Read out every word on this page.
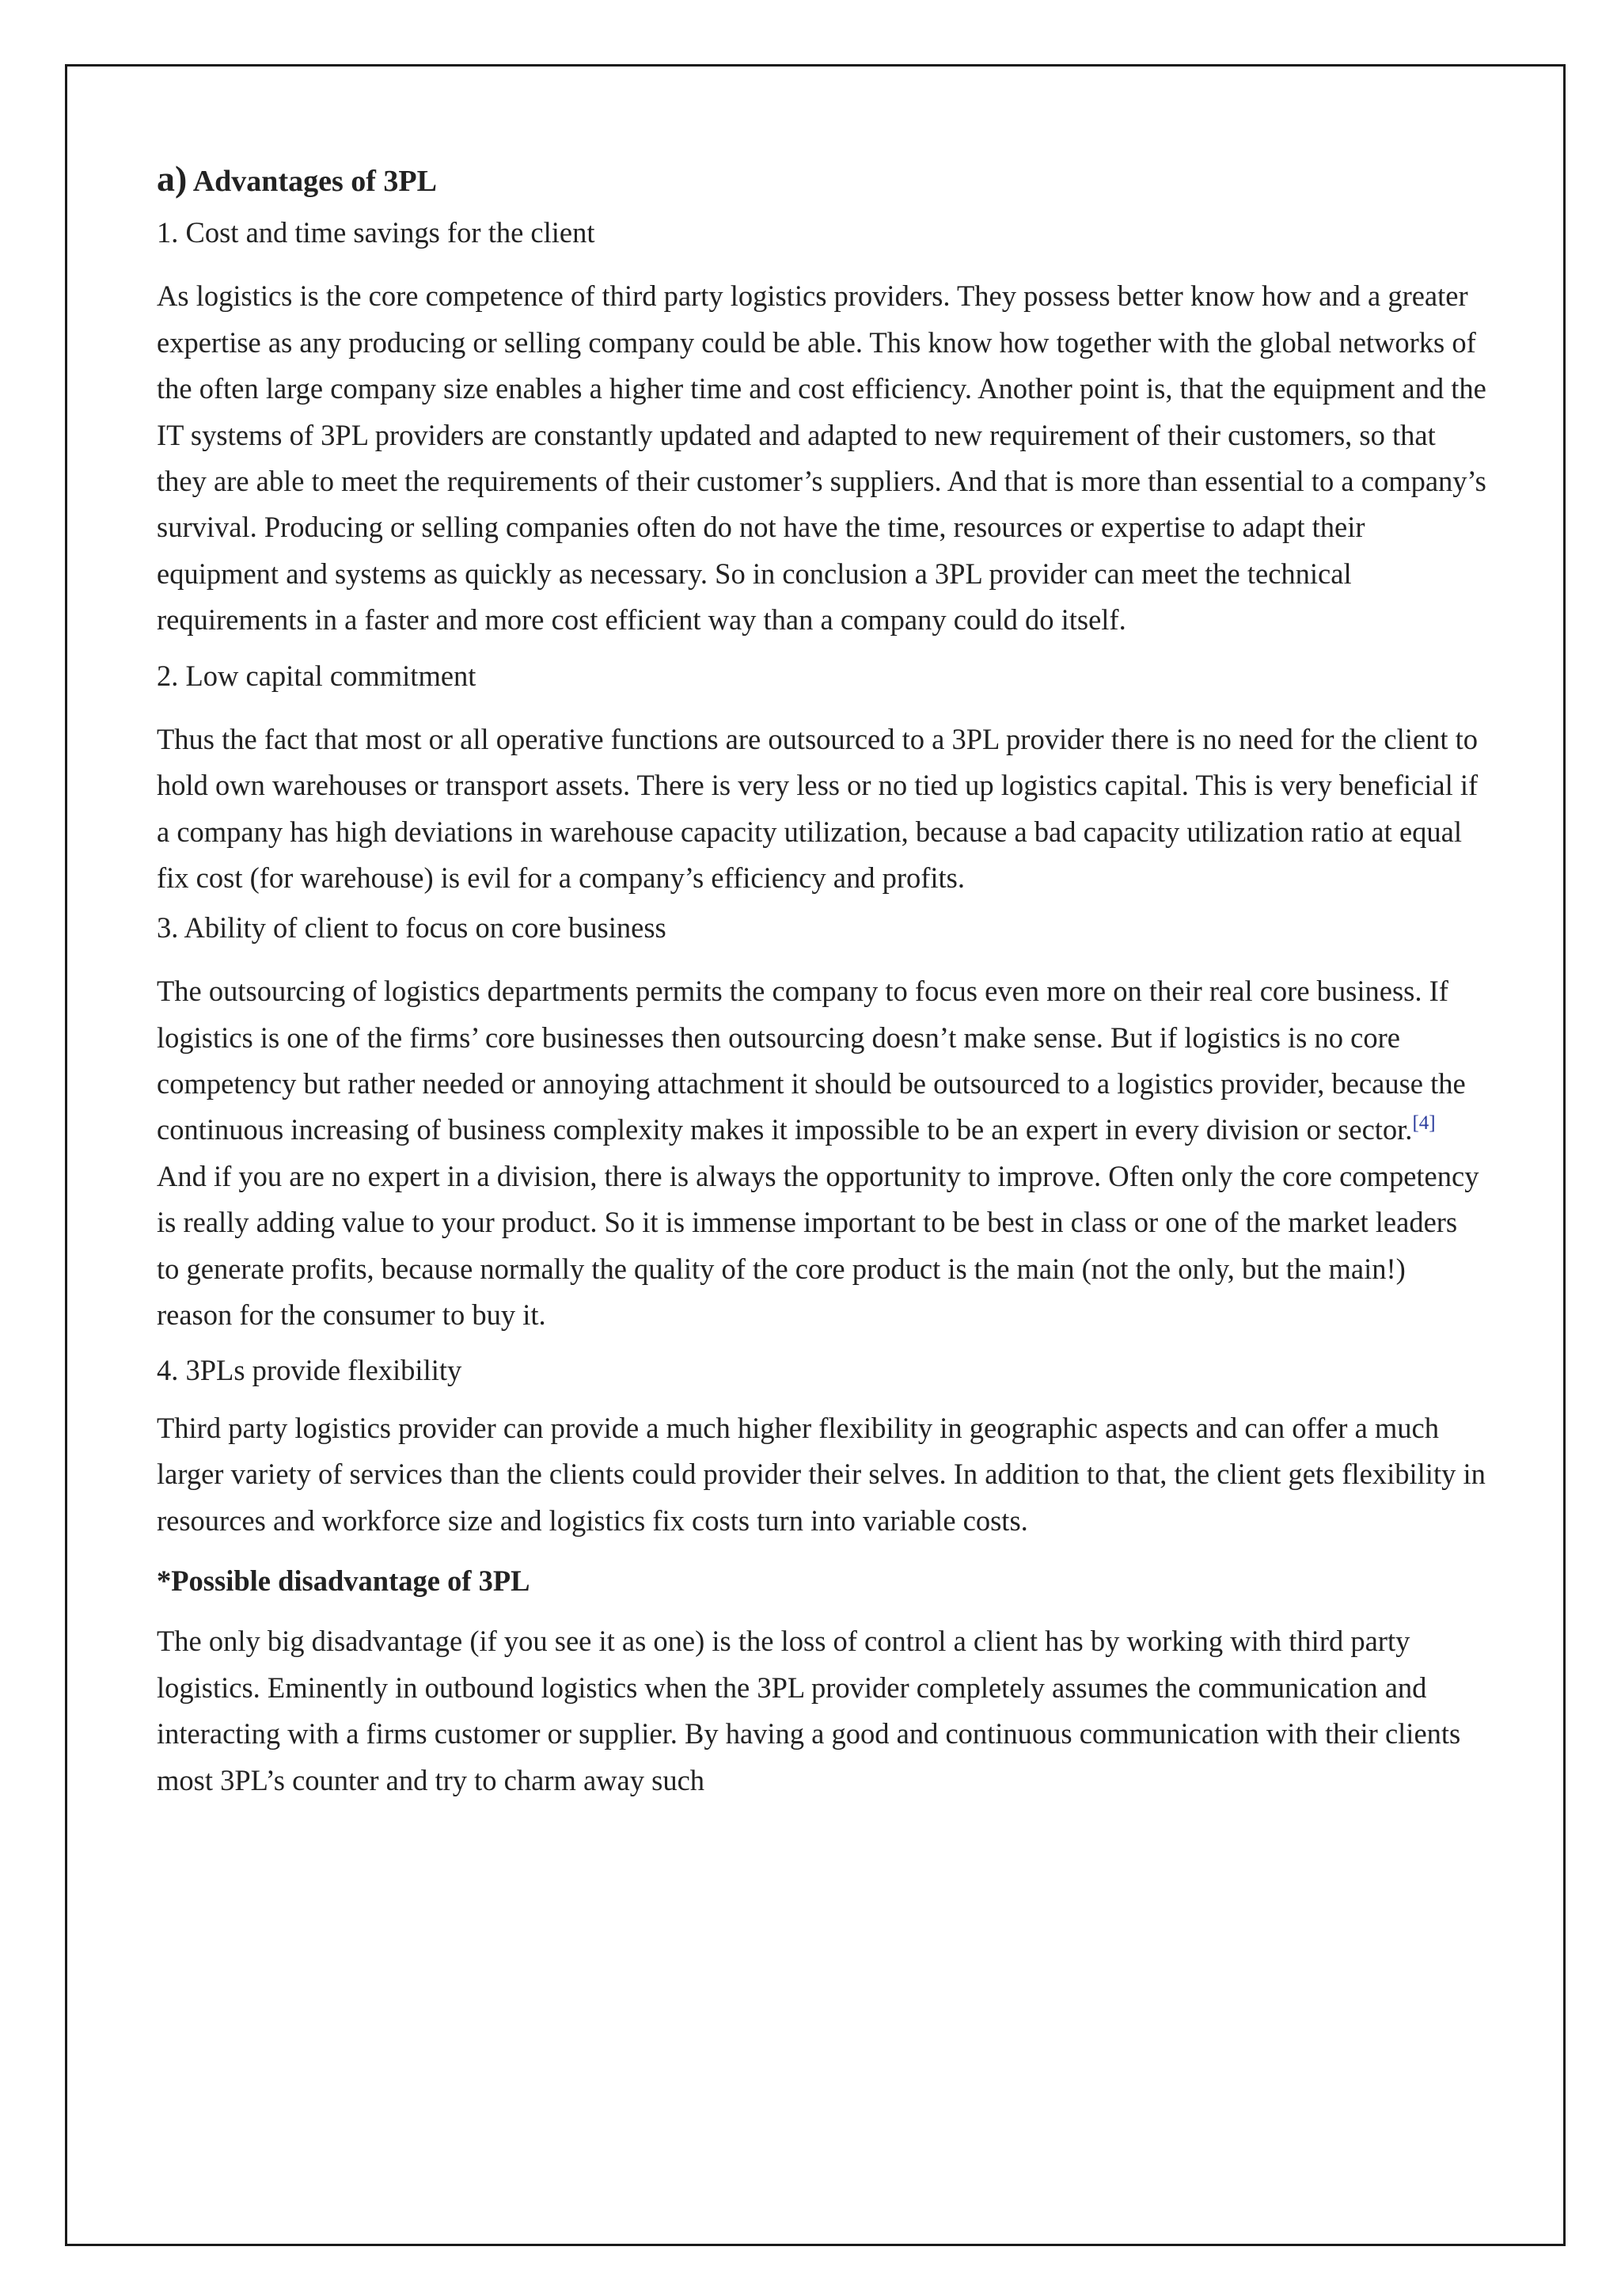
a) Advantages of 3PL

1. Cost and time savings for the client

As logistics is the core competence of third party logistics providers. They possess better know how and a greater expertise as any producing or selling company could be able. This know how together with the global networks of the often large company size enables a higher time and cost efficiency. Another point is, that the equipment and the IT systems of 3PL providers are constantly updated and adapted to new requirement of their customers, so that they are able to meet the requirements of their customer’s suppliers. And that is more than essential to a company’s survival. Producing or selling companies often do not have the time, resources or expertise to adapt their equipment and systems as quickly as necessary. So in conclusion a 3PL provider can meet the technical requirements in a faster and more cost efficient way than a company could do itself.

2. Low capital commitment

Thus the fact that most or all operative functions are outsourced to a 3PL provider there is no need for the client to hold own warehouses or transport assets. There is very less or no tied up logistics capital. This is very beneficial if a company has high deviations in warehouse capacity utilization, because a bad capacity utilization ratio at equal fix cost (for warehouse) is evil for a company’s efficiency and profits.

3. Ability of client to focus on core business

The outsourcing of logistics departments permits the company to focus even more on their real core business. If logistics is one of the firms’ core businesses then outsourcing doesn’t make sense. But if logistics is no core competency but rather needed or annoying attachment it should be outsourced to a logistics provider, because the continuous increasing of business complexity makes it impossible to be an expert in every division or sector.[4] And if you are no expert in a division, there is always the opportunity to improve. Often only the core competency is really adding value to your product. So it is immense important to be best in class or one of the market leaders to generate profits, because normally the quality of the core product is the main (not the only, but the main!) reason for the consumer to buy it.

4. 3PLs provide flexibility

Third party logistics provider can provide a much higher flexibility in geographic aspects and can offer a much larger variety of services than the clients could provider their selves. In addition to that, the client gets flexibility in resources and workforce size and logistics fix costs turn into variable costs.

*Possible disadvantage of 3PL

The only big disadvantage (if you see it as one) is the loss of control a client has by working with third party logistics. Eminently in outbound logistics when the 3PL provider completely assumes the communication and interacting with a firms customer or supplier. By having a good and continuous communication with their clients most 3PL’s counter and try to charm away such
